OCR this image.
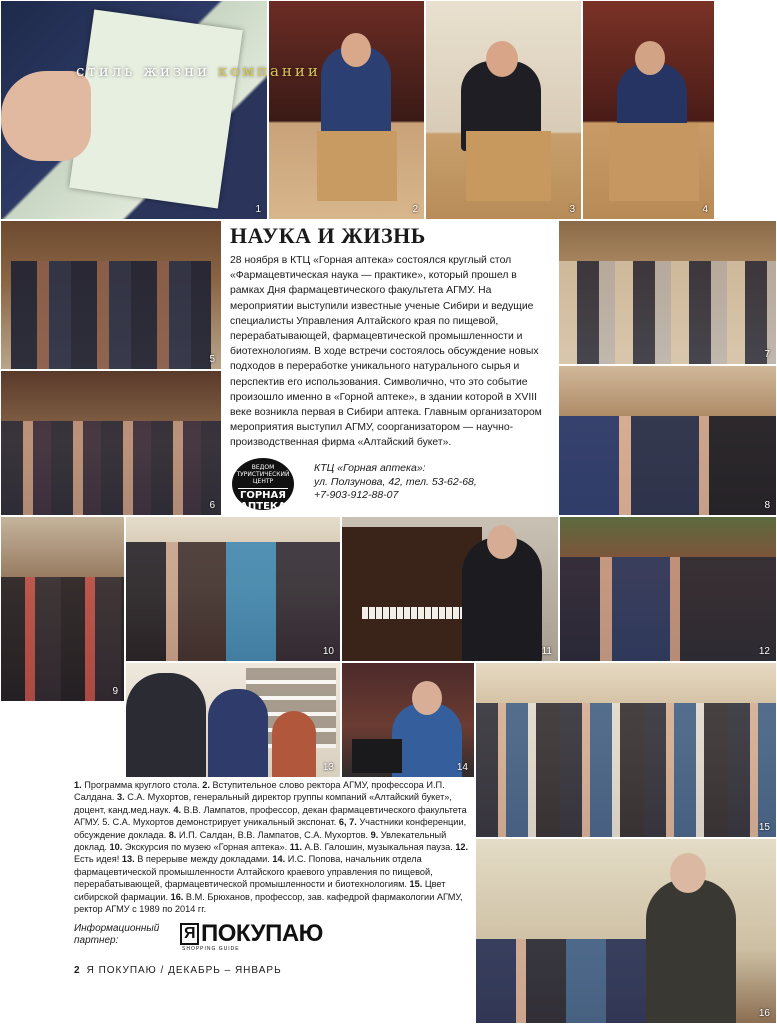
1	2	3	4
стиль жизни компании
5
6
НАУКА И ЖИЗНЬ

28 ноября в КТЦ «Горная аптека» состоялся круглый стол «Фармацевтическая наука — практике», который прошел в рамках Дня фармацевтического факультета АГМУ. На мероприятии выступили известные ученые Сибири и ведущие специалисты Управления Алтайского края по пищевой, перерабатывающей, фармацевтической промышленности и биотехнологиям. В ходе встречи состоялось обсуждение новых подходов в переработке уникального натурального сырья и перспектив его использования. Символично, что это событие произошло именно в «Горной аптеке», в здании которой в XVIII веке возникла первая в Сибири аптека. Главным организатором мероприятия выступил АГМУ, соорганизатором — научно-производственная фирма «Алтайский букет».

ВЕДОМ ТУРИСТИЧЕСКИЙ ЦЕНТР
ГОРНАЯ АПТЕКА
КТЦ «Горная аптека»:
ул. Ползунова, 42, тел. 53-62-68,
+7-903-912-88-07
7
8
9
10	11	12
13	14
15
16
1. Программа круглого стола. 2. Вступительное слово ректора АГМУ, профессора И.П. Салдана. 3. С.А. Мухортов, генеральный директор группы компаний «Алтайский букет», доцент, канд.мед.наук. 4. В.В. Лампатов, профессор, декан фармацевтического факультета АГМУ. 5. С.А. Мухортов демонстрирует уникальный экспонат. 6, 7. Участники конференции, обсуждение доклада. 8. И.П. Салдан, В.В. Лампатов, С.А. Мухортов. 9. Увлекательный доклад. 10. Экскурсия по музею «Горная аптека». 11. А.В. Галошин, музыкальная пауза. 12. Есть идея! 13. В перерыве между докладами. 14. И.С. Попова, начальник отдела фармацевтической промышленности Алтайского краевого управления по пищевой, перерабатывающей, фармацевтической промышленности и биотехнологиям. 15. Цвет сибирской фармации. 16. В.М. Брюханов, профессор, зав. кафедрой фармакологии АГМУ, ректор АГМУ с 1989 по 2014 гг.
Информационный
партнер:	Я ПОКУПАЮ
SHOPPING GUIDE
2 Я ПОКУПАЮ / ДЕКАБРЬ – ЯНВАРЬ
